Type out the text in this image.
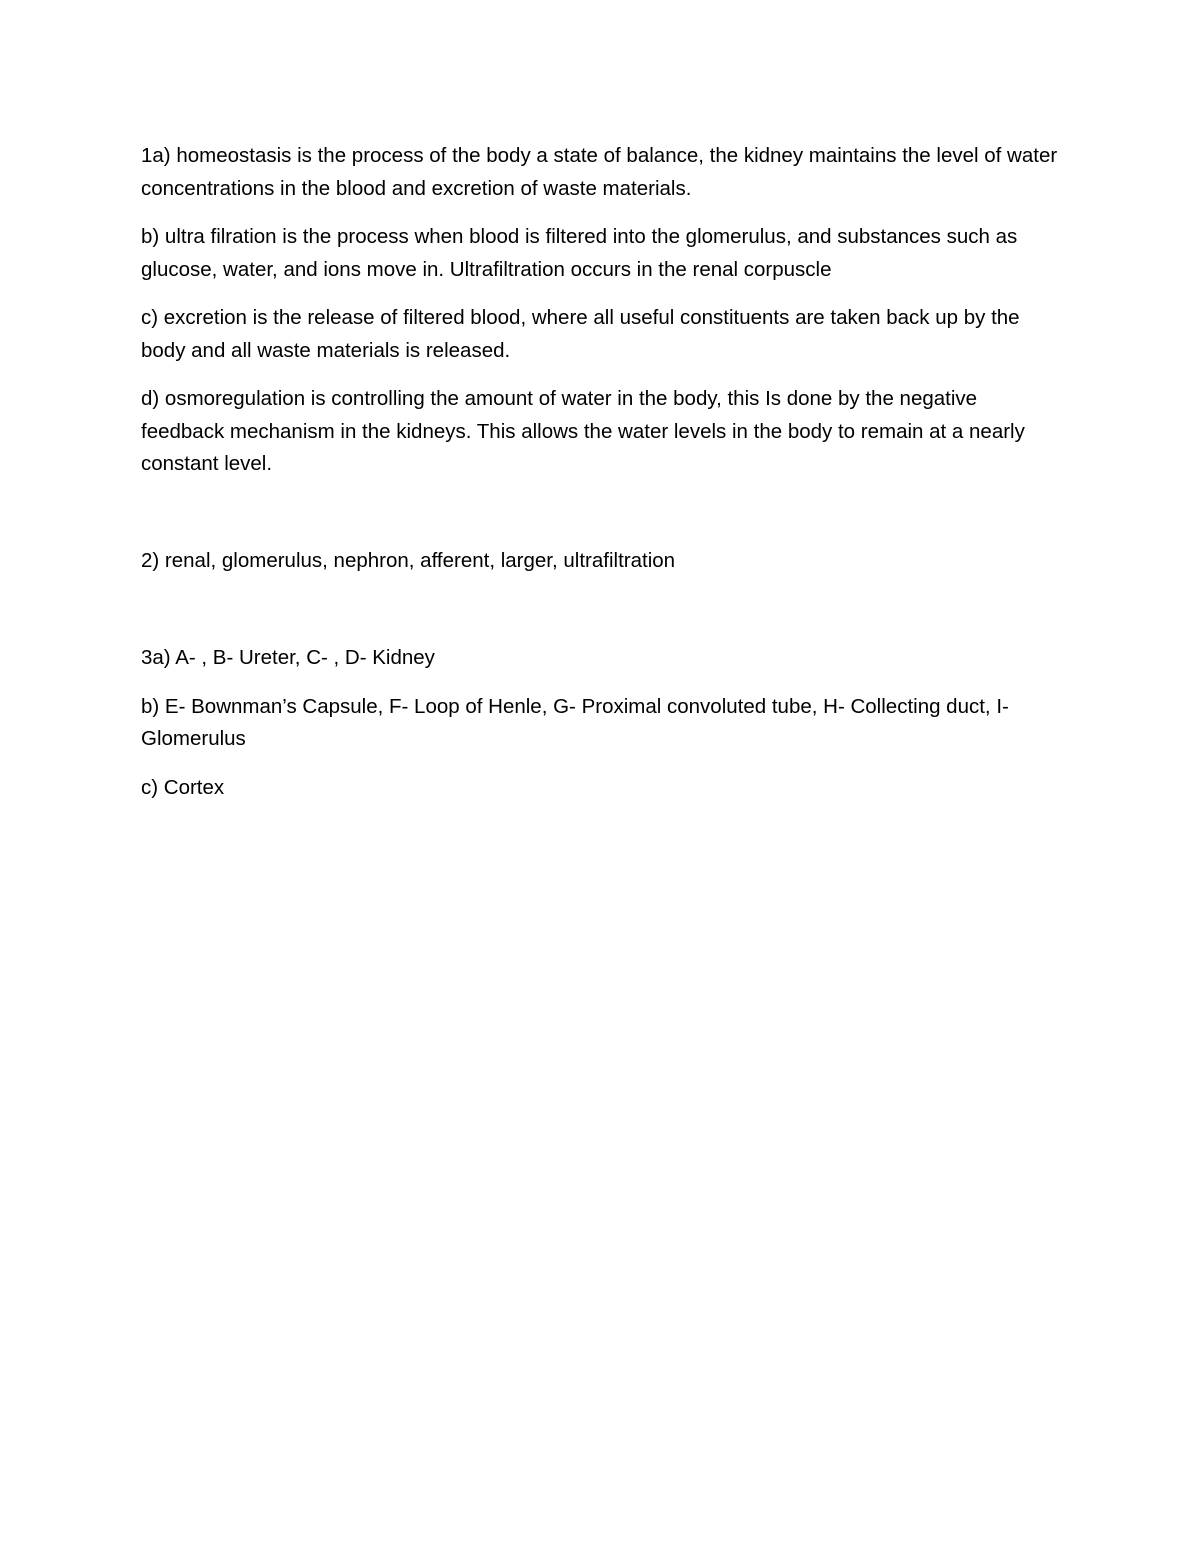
1a) homeostasis is the process of the body a state of balance, the kidney maintains the level of water concentrations in the blood and excretion of waste materials.

b) ultra filration is the process when blood is filtered into the glomerulus, and substances such as glucose, water, and ions move in. Ultrafiltration occurs in the renal corpuscle

c) excretion is the release of filtered blood, where all useful constituents are taken back up by the body and all waste materials is released.

d) osmoregulation is controlling the amount of water in the body, this Is done by the negative feedback mechanism in the kidneys. This allows the water levels in the body to remain at a nearly constant level.

2) renal, glomerulus, nephron, afferent, larger, ultrafiltration

3a) A- , B- Ureter, C- , D- Kidney

b) E- Bownman’s Capsule, F- Loop of Henle, G- Proximal convoluted tube, H- Collecting duct, I- Glomerulus

c) Cortex
